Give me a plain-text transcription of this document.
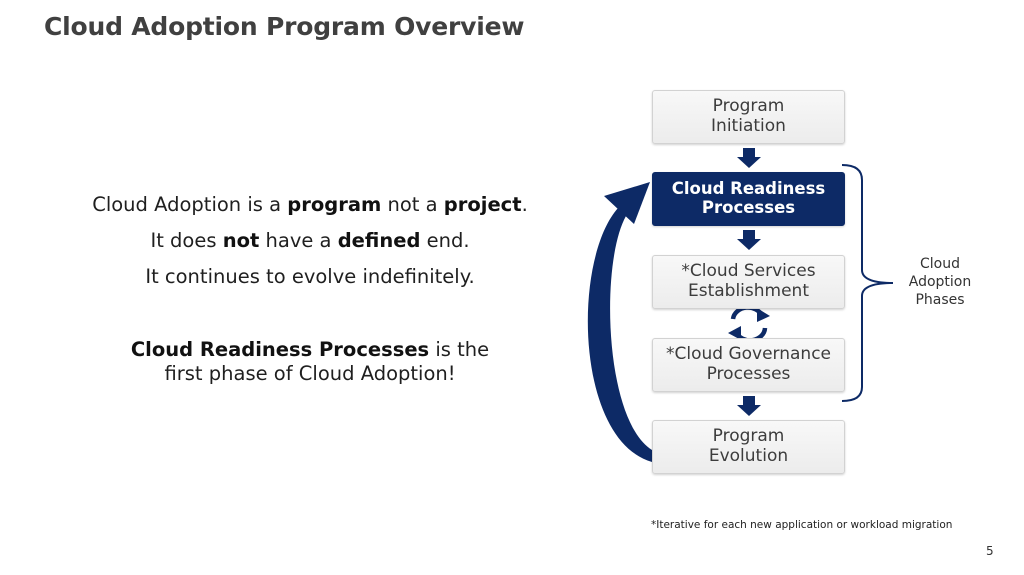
Cloud Adoption Program Overview
Cloud Adoption is a program not a project.
It does not have a defined end.
It continues to evolve indefinitely.
Cloud Readiness Processes is the
first phase of Cloud Adoption!
Program
Initiation
Cloud Readiness
Processes
*Cloud Services
Establishment
*Cloud Governance
Processes
Program
Evolution
Cloud
Adoption
Phases
*Iterative for each new application or workload migration
5
